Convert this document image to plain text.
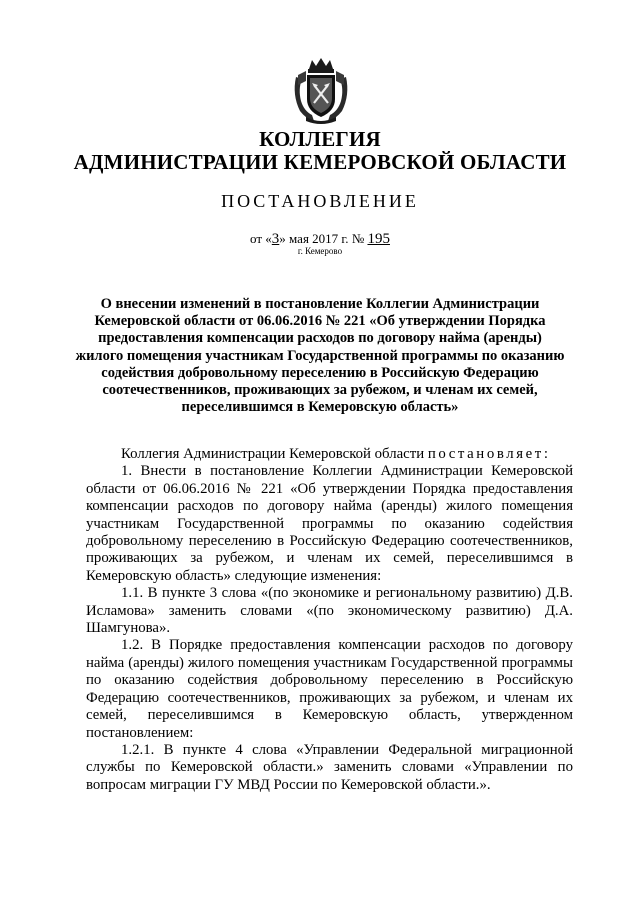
КОЛЛЕГИЯ
АДМИНИСТРАЦИИ КЕМЕРОВСКОЙ ОБЛАСТИ
ПОСТАНОВЛЕНИЕ
от «3» мая 2017 г. № 195
г. Кемерово
О внесении изменений в постановление Коллегии Администрации Кемеровской области от 06.06.2016 № 221 «Об утверждении Порядка предоставления компенсации расходов по договору найма (аренды) жилого помещения участникам Государственной программы по оказанию содействия добровольному переселению в Российскую Федерацию соотечественников, проживающих за рубежом, и членам их семей, переселившимся в Кемеровскую область»

Коллегия Администрации Кемеровской области постановляет:

1. Внести в постановление Коллегии Администрации Кемеровской области от 06.06.2016 № 221 «Об утверждении Порядка предоставления компенсации расходов по договору найма (аренды) жилого помещения участникам Государственной программы по оказанию содействия добровольному переселению в Российскую Федерацию соотечественников, проживающих за рубежом, и членам их семей, переселившимся в Кемеровскую область» следующие изменения:

1.1. В пункте 3 слова «(по экономике и региональному развитию) Д.В. Исламова» заменить словами «(по экономическому развитию) Д.А. Шамгунова».

1.2. В Порядке предоставления компенсации расходов по договору найма (аренды) жилого помещения участникам Государственной программы по оказанию содействия добровольному переселению в Российскую Федерацию соотечественников, проживающих за рубежом, и членам их семей, переселившимся в Кемеровскую область, утвержденном постановлением:

1.2.1. В пункте 4 слова «Управлении Федеральной миграционной службы по Кемеровской области.» заменить словами «Управлении по вопросам миграции ГУ МВД России по Кемеровской области.».
